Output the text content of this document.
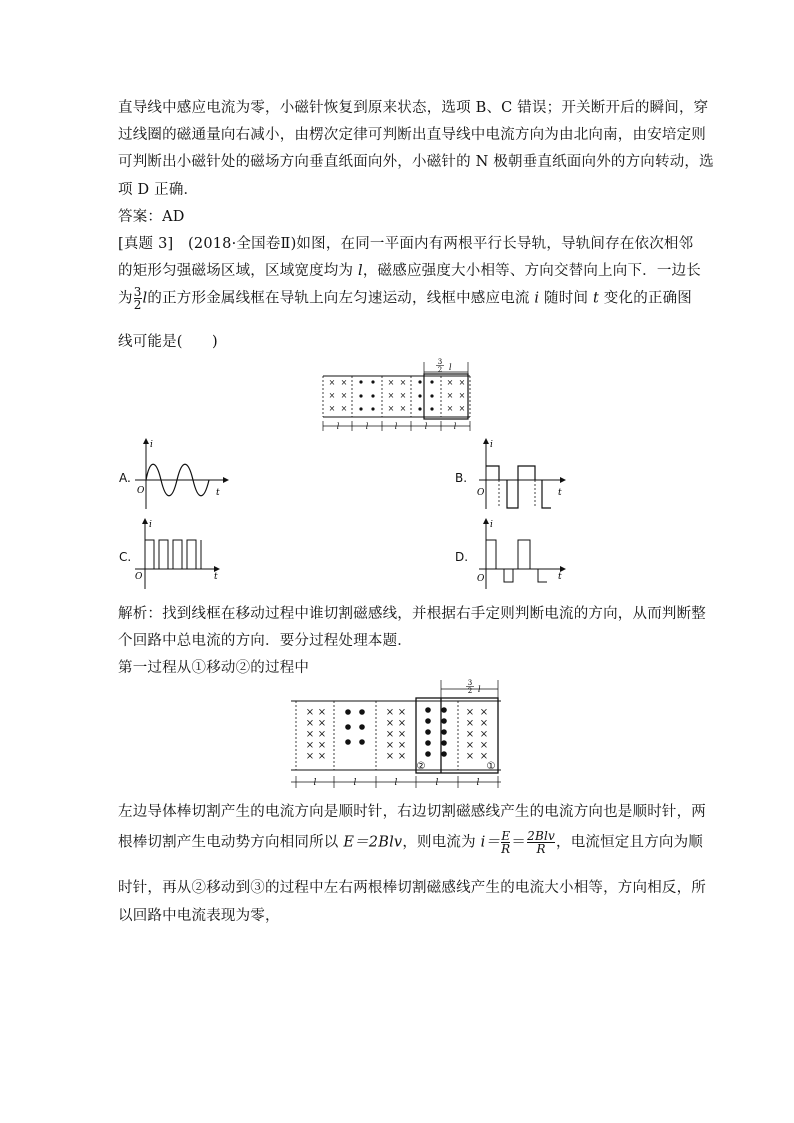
直导线中感应电流为零，小磁针恢复到原来状态，选项 B、C 错误；开关断开后的瞬间，穿
过线圈的磁通量向右减小，由楞次定律可判断出直导线中电流方向为由北向南，由安培定则
可判断出小磁针处的磁场方向垂直纸面向外，小磁针的 N 极朝垂直纸面向外的方向转动，选
项 D 正确．
答案：AD
[真题 3]　(2018·全国卷Ⅱ)如图，在同一平面内有两根平行长导轨，导轨间存在依次相邻
的矩形匀强磁场区域，区域宽度均为 l，磁感应强度大小相等、方向交替向上向下．一边长
为 $\frac{3}{2}$ l的正方形金属线框在导轨上向左匀速运动，线框中感应电流 i 随时间 t 变化的正确图
线可能是(　　)
× ×
× ×
× ×
× ×
× ×
× ×
× ×
× ×
× ×
3
2 l
l	l	l	l	l
A.
i
O	t
B.
i
O	t
C.
i
O	t
D.
i
O	t
解析：找到线框在移动过程中谁切割磁感线，并根据右手定则判断电流的方向，从而判断整
个回路中总电流的方向．要分过程处理本题．
第一过程从①移动②的过程中
× ×
× ×
× ×
× ×
× ×
× ×
× ×
× ×
× ×
× ×
× ×
× ×
× ×
× ×
× ×
3
2 l
②	①
l	l	l	l	l
左边导体棒切割产生的电流方向是顺时针，右边切割磁感线产生的电流方向也是顺时针，两
根棒切割产生电动势方向相同所以 E＝2Blv，则电流为 $i= \frac{E}{R} = \frac{\text{2Blv}}{R}$ ，电流恒定且方向为顺
时针，再从②移动到③的过程中左右两根棒切割磁感线产生的电流大小相等，方向相反，所
以回路中电流表现为零，
